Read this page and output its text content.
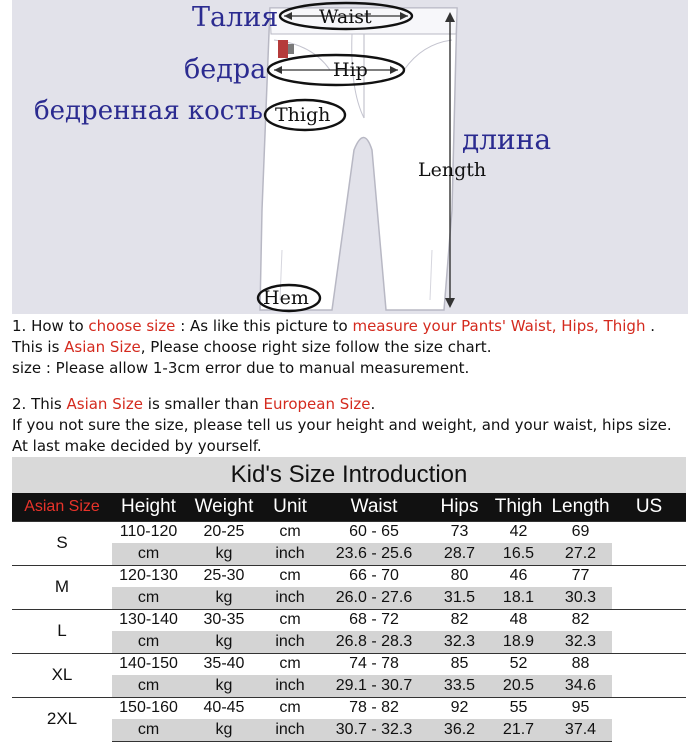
Талия
бедра
бедренная кость
длина
Waist
Hip
Thigh
Length
Hem
1. How to choose size : As like this picture to measure your Pants' Waist, Hips, Thigh .
This is Asian Size, Please choose right size follow the size chart.
size : Please allow 1-3cm error due to manual measurement.
2. This Asian Size is smaller than European Size.
If you not sure the size, please tell us your height and weight, and your waist, hips size.
At last make decided by yourself.
Kid's Size Introduction								
Asian Size	Height	Weight	Unit	Waist	Hips	Thigh	Length	US
S	110-120	20-25	cm	60 - 65	73	42	69	
	cm	kg	inch	23.6 - 25.6	28.7	16.5	27.2	
M	120-130	25-30	cm	66 - 70	80	46	77	
	cm	kg	inch	26.0 - 27.6	31.5	18.1	30.3	
L	130-140	30-35	cm	68 - 72	82	48	82	
	cm	kg	inch	26.8 - 28.3	32.3	18.9	32.3	
XL	140-150	35-40	cm	74 - 78	85	52	88	
	cm	kg	inch	29.1 - 30.7	33.5	20.5	34.6	
2XL	150-160	40-45	cm	78 - 82	92	55	95	
	cm	kg	inch	30.7 - 32.3	36.2	21.7	37.4	
